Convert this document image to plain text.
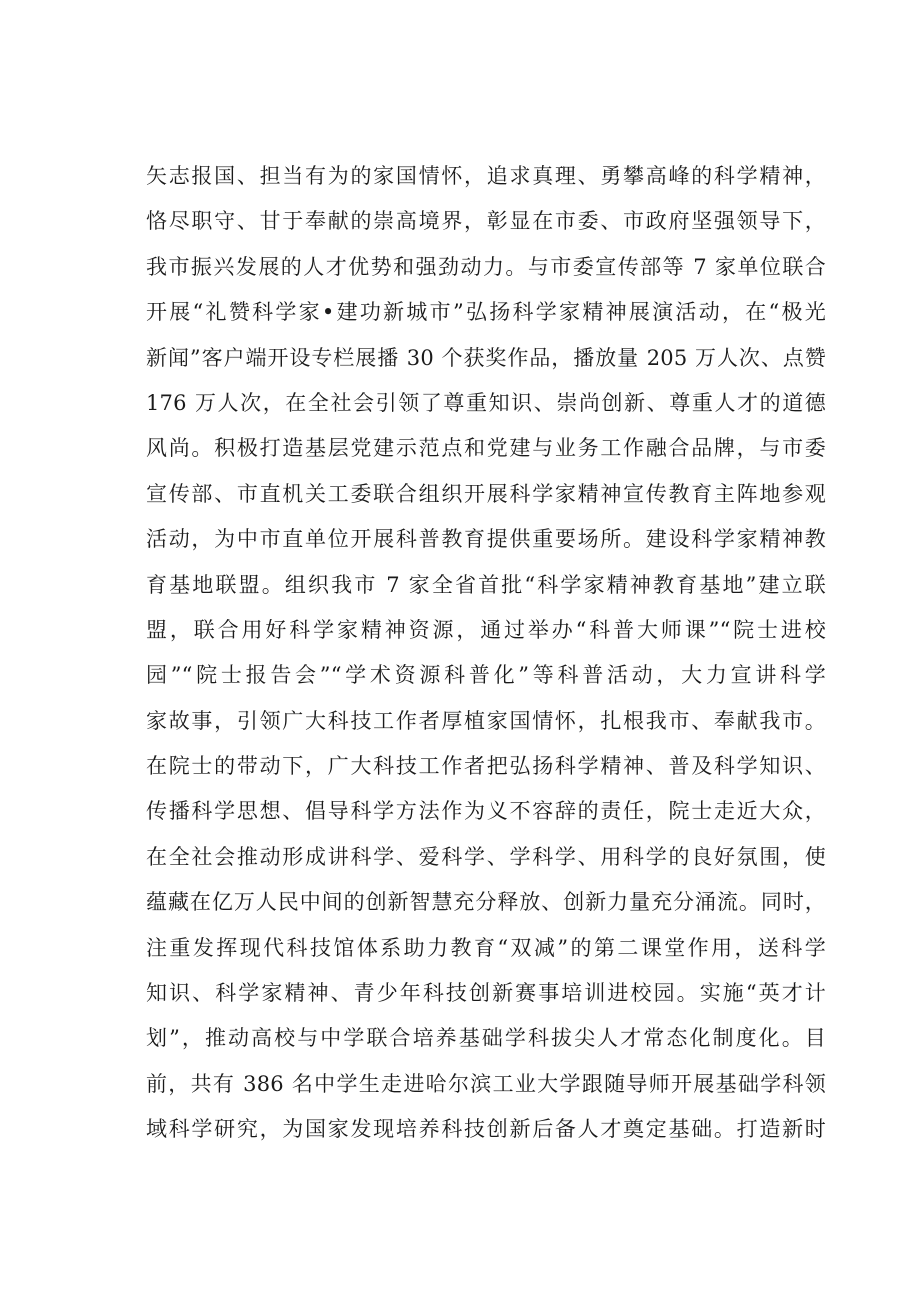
矢志报国、担当有为的家国情怀，追求真理、勇攀高峰的科学精神，
恪尽职守、甘于奉献的崇高境界，彰显在市委、市政府坚强领导下，
我市振兴发展的人才优势和强劲动力。与市委宣传部等 7 家单位联合
开展“礼赞科学家•建功新城市”弘扬科学家精神展演活动，在“极光
新闻”客户端开设专栏展播 30 个获奖作品，播放量 205 万人次、点赞
176 万人次，在全社会引领了尊重知识、崇尚创新、尊重人才的道德
风尚。积极打造基层党建示范点和党建与业务工作融合品牌，与市委
宣传部、市直机关工委联合组织开展科学家精神宣传教育主阵地参观
活动，为中市直单位开展科普教育提供重要场所。建设科学家精神教
育基地联盟。组织我市 7 家全省首批“科学家精神教育基地”建立联
盟，联合用好科学家精神资源，通过举办“科普大师课”“院士进校
园”“院士报告会”“学术资源科普化”等科普活动，大力宣讲科学
家故事，引领广大科技工作者厚植家国情怀，扎根我市、奉献我市。
在院士的带动下，广大科技工作者把弘扬科学精神、普及科学知识、
传播科学思想、倡导科学方法作为义不容辞的责任，院士走近大众，
在全社会推动形成讲科学、爱科学、学科学、用科学的良好氛围，使
蕴藏在亿万人民中间的创新智慧充分释放、创新力量充分涌流。同时，
注重发挥现代科技馆体系助力教育“双减”的第二课堂作用，送科学
知识、科学家精神、青少年科技创新赛事培训进校园。实施“英才计
划”，推动高校与中学联合培养基础学科拔尖人才常态化制度化。目
前，共有 386 名中学生走进哈尔滨工业大学跟随导师开展基础学科领
域科学研究，为国家发现培养科技创新后备人才奠定基础。打造新时
